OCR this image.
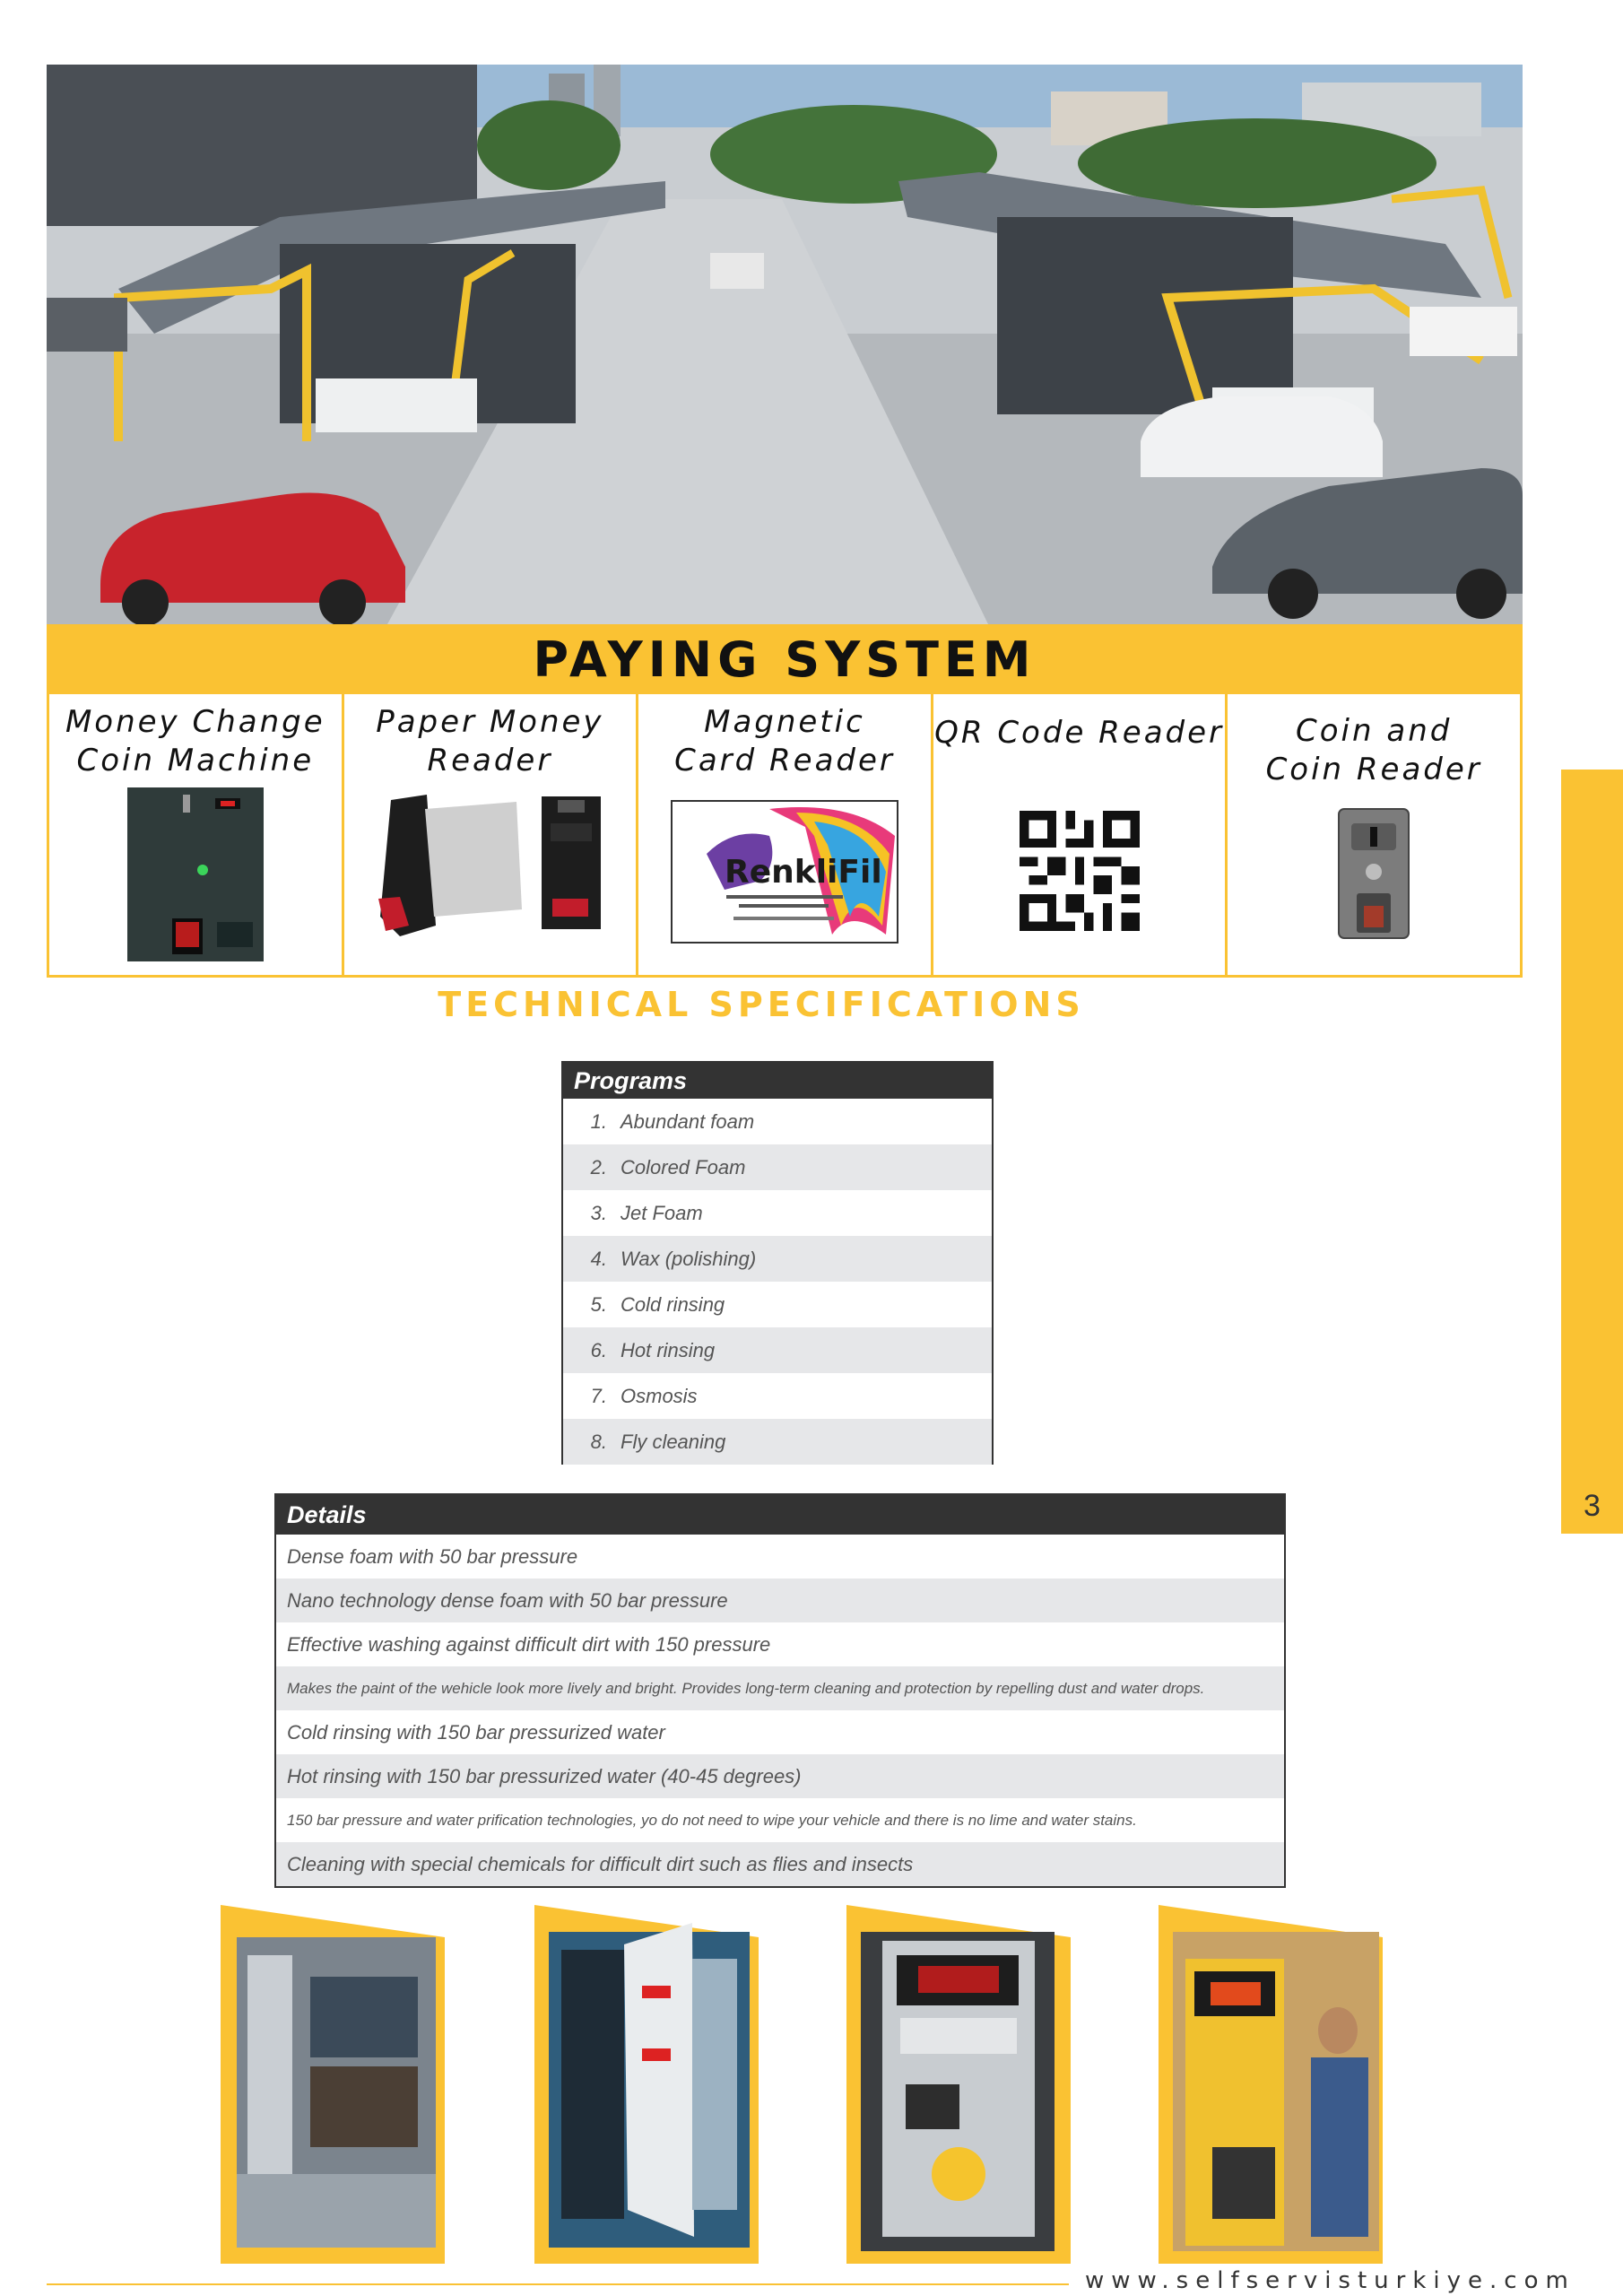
PAYING SYSTEM
Money Change
Coin Machine
Paper Money
Reader
Magnetic
Card Reader
RenkliFil
QR Code Reader	Coin and
Coin Reader
TECHNICAL SPECIFICATIONS
Programs	
1.	Abundant foam
2.	Colored Foam
3.	Jet Foam
4.	Wax (polishing)
5.	Cold rinsing
6.	Hot rinsing
7.	Osmosis
8.	Fly cleaning
Details
Dense foam with 50 bar pressure
Nano technology dense foam with 50 bar pressure
Effective washing against difficult dirt with 150 pressure
Makes the paint of the wehicle look more lively and bright. Provides long-term cleaning and protection by repelling dust and water drops.
Cold rinsing with 150 bar pressurized water
Hot rinsing with 150 bar pressurized water (40-45 degrees)
150 bar pressure and water prification technologies, yo do not need to wipe your vehicle and there is no lime and water stains.
Cleaning with special chemicals for difficult dirt such as flies and insects
3
www.selfservisturkiye.com
